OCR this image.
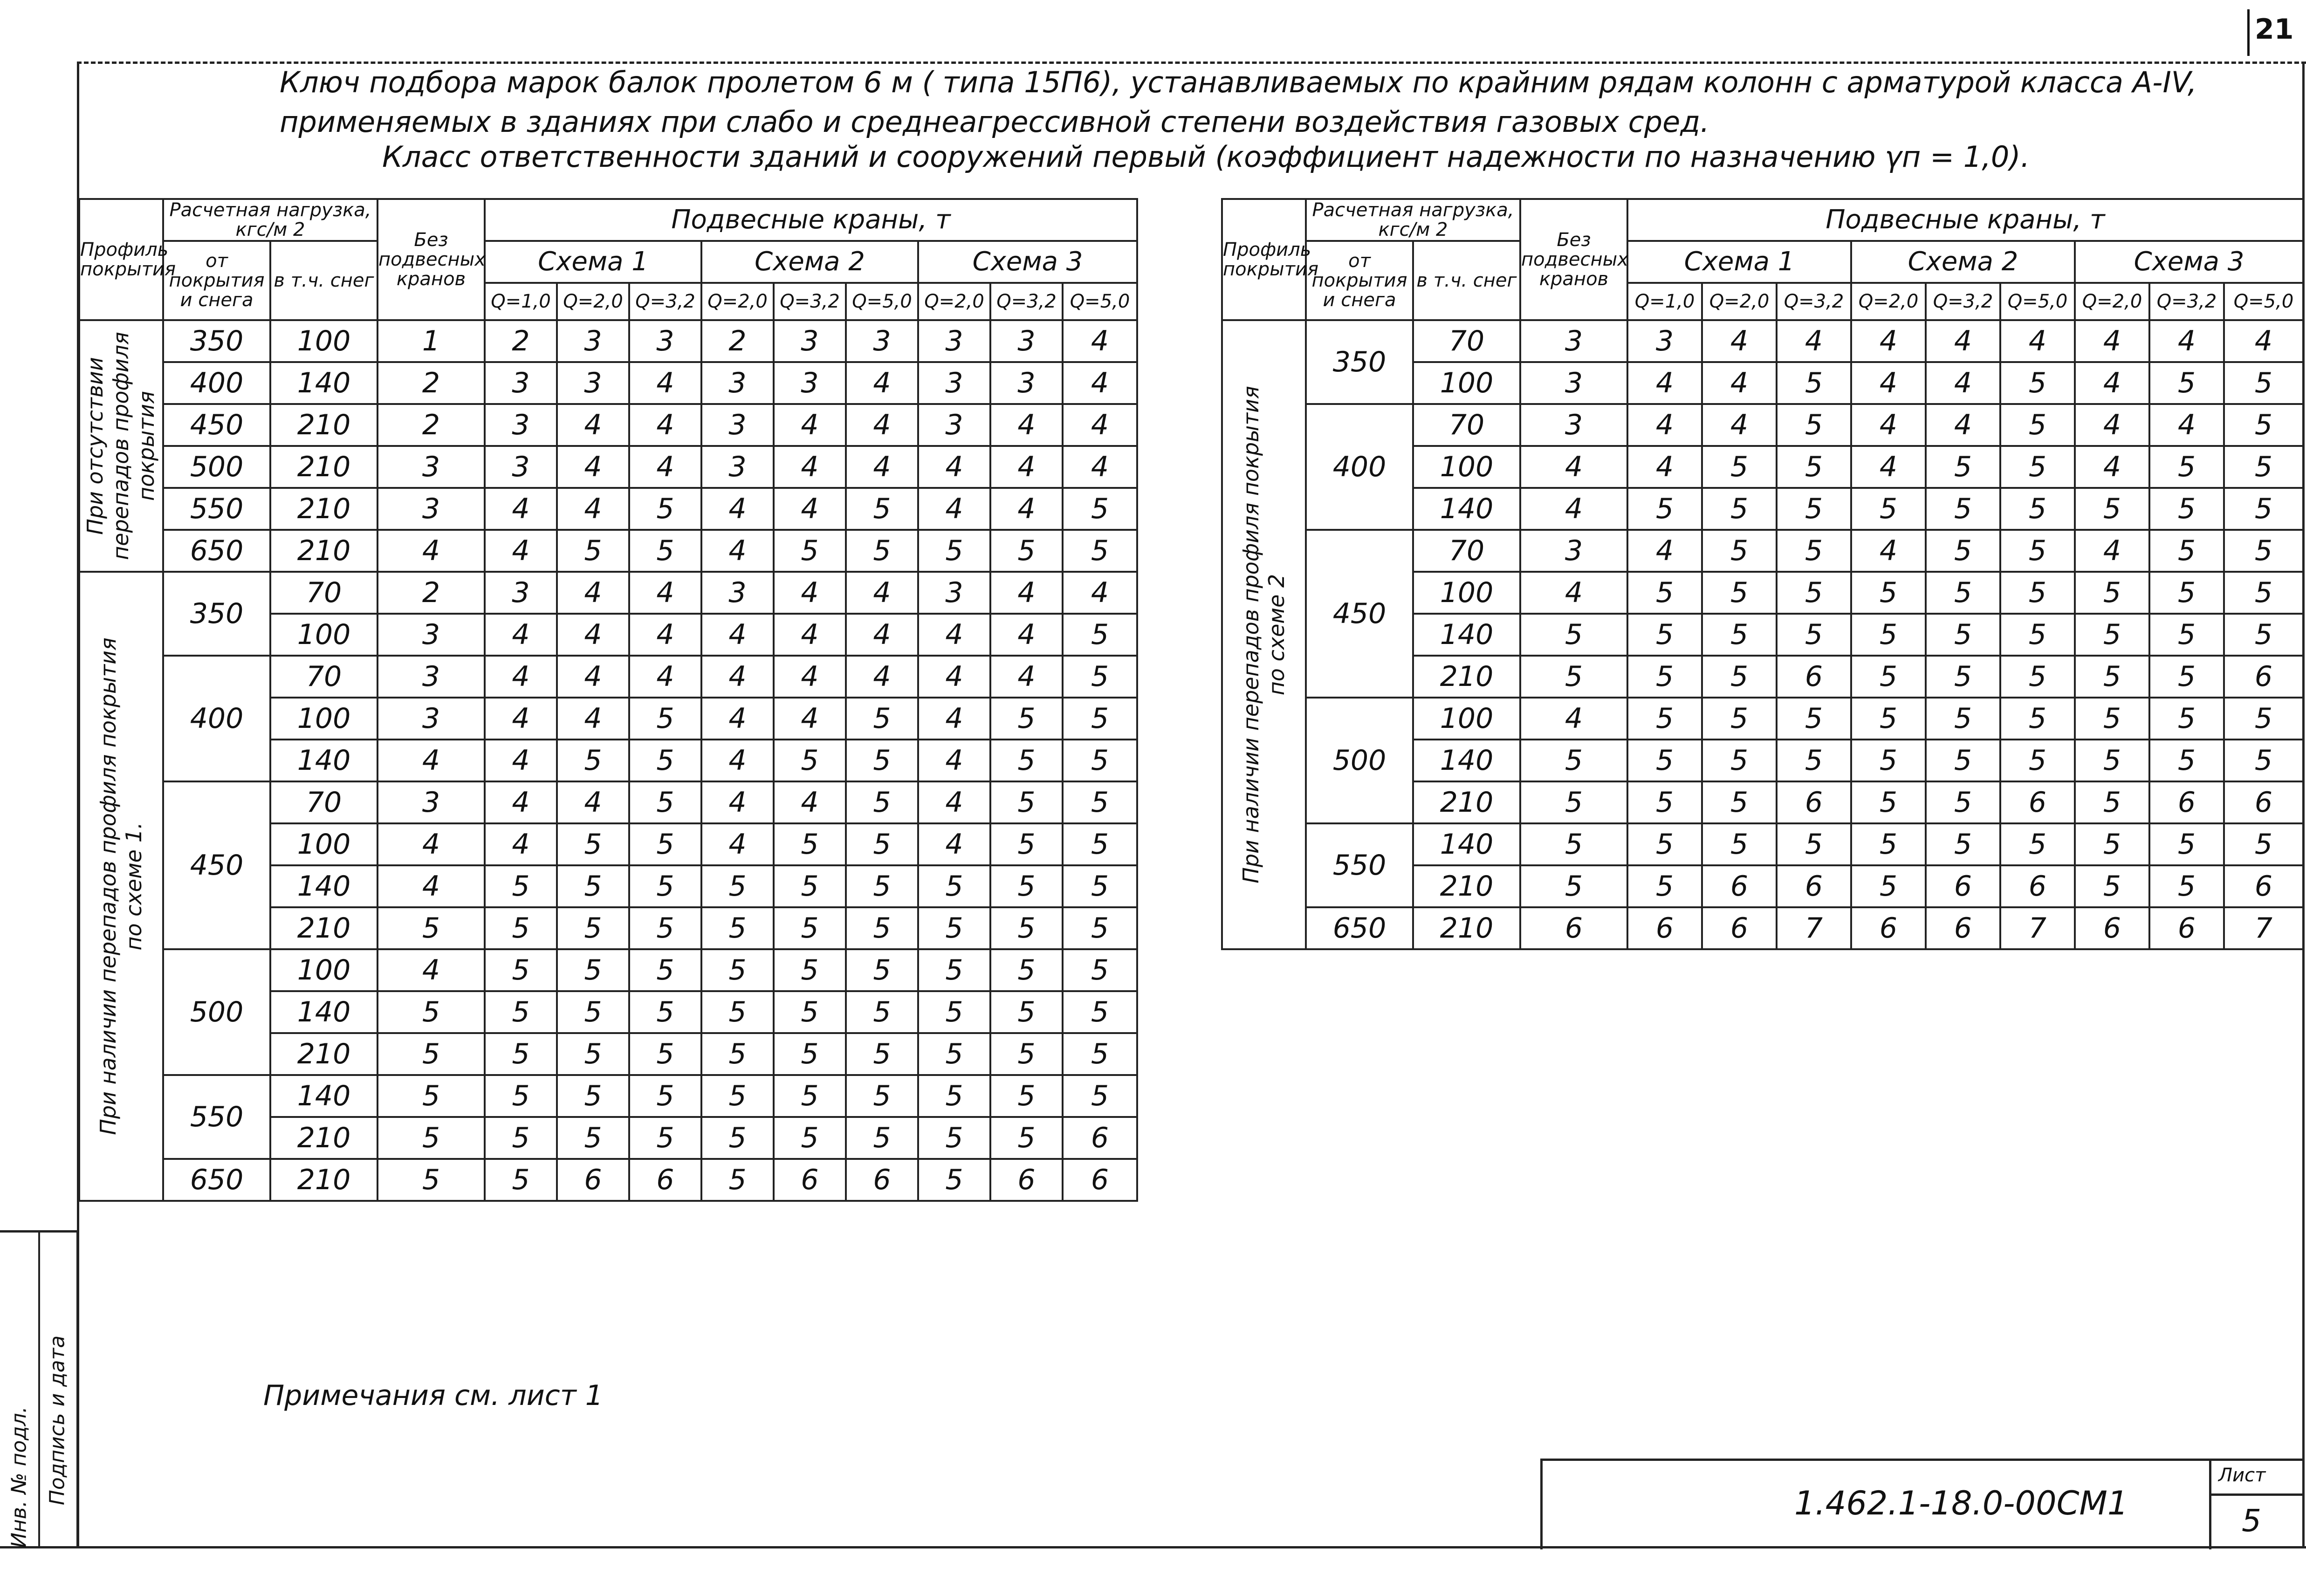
21
Ключ подбора марок балок пролетом 6 м ( типа 15П6), устанавливаемых по крайним рядам колонн с арматурой класса А-IV,
применяемых в зданиях при слабо и среднеагрессивной степени воздействия газовых сред.
Класс ответственности зданий и сооружений первый (коэффициент надежности по назначению γп = 1,0).
Профиль покрытия	Расчетная нагрузка, кгс/м 2		Без подвесных кранов	Подвесные краны, т								
	от покрытия и снега	в т.ч. снег		Схема 1			Схема 2			Схема 3		
				Q=1,0	Q=2,0	Q=3,2	Q=2,0	Q=3,2	Q=5,0	Q=2,0	Q=3,2	Q=5,0

При отсутствии перепадов профиля покрытия	350	100	1	2	3	3	2	3	3	3	3	4
	400	140	2	3	3	4	3	3	4	3	3	4
	450	210	2	3	4	4	3	4	4	3	4	4
	500	210	3	3	4	4	3	4	4	4	4	4
	550	210	3	4	4	5	4	4	5	4	4	5
	650	210	4	4	5	5	4	5	5	5	5	5

При наличии перепадов профиля покрытия по схеме 1.	350	70	2	3	4	4	3	4	4	3	4	4
		100	3	4	4	4	4	4	4	4	4	5
	400	70	3	4	4	4	4	4	4	4	4	5
		100	3	4	4	5	4	4	5	4	5	5
		140	4	4	5	5	4	5	5	4	5	5
	450	70	3	4	4	5	4	4	5	4	5	5
		100	4	4	5	5	4	5	5	4	5	5
		140	4	5	5	5	5	5	5	5	5	5
		210	5	5	5	5	5	5	5	5	5	5
	500	100	4	5	5	5	5	5	5	5	5	5
		140	5	5	5	5	5	5	5	5	5	5
		210	5	5	5	5	5	5	5	5	5	5
	550	140	5	5	5	5	5	5	5	5	5	5
		210	5	5	5	5	5	5	5	5	5	6
	650	210	5	5	6	6	5	6	6	5	6	6
Профиль покрытия	Расчетная нагрузка, кгс/м 2		Без подвесных кранов	Подвесные краны, т								
	от покрытия и снега	в т.ч. снег		Схема 1			Схема 2			Схема 3		
				Q=1,0	Q=2,0	Q=3,2	Q=2,0	Q=3,2	Q=5,0	Q=2,0	Q=3,2	Q=5,0

При наличии перепадов профиля покрытия по схеме 2	350	70	3	3	4	4	4	4	4	4	4	4
		100	3	4	4	5	4	4	5	4	5	5
	400	70	3	4	4	5	4	4	5	4	4	5
		100	4	4	5	5	4	5	5	4	5	5
		140	4	5	5	5	5	5	5	5	5	5
	450	70	3	4	5	5	4	5	5	4	5	5
		100	4	5	5	5	5	5	5	5	5	5
		140	5	5	5	5	5	5	5	5	5	5
		210	5	5	5	6	5	5	5	5	5	6
	500	100	4	5	5	5	5	5	5	5	5	5
		140	5	5	5	5	5	5	5	5	5	5
		210	5	5	5	6	5	5	6	5	6	6
	550	140	5	5	5	5	5	5	5	5	5	5
		210	5	5	6	6	5	6	6	5	5	6
	650	210	6	6	6	7	6	6	7	6	6	7
Инв. № подл. Подпись и дата	Примечания см. лист 1
1.462.1-18.0-00СМ1
Лист
5
